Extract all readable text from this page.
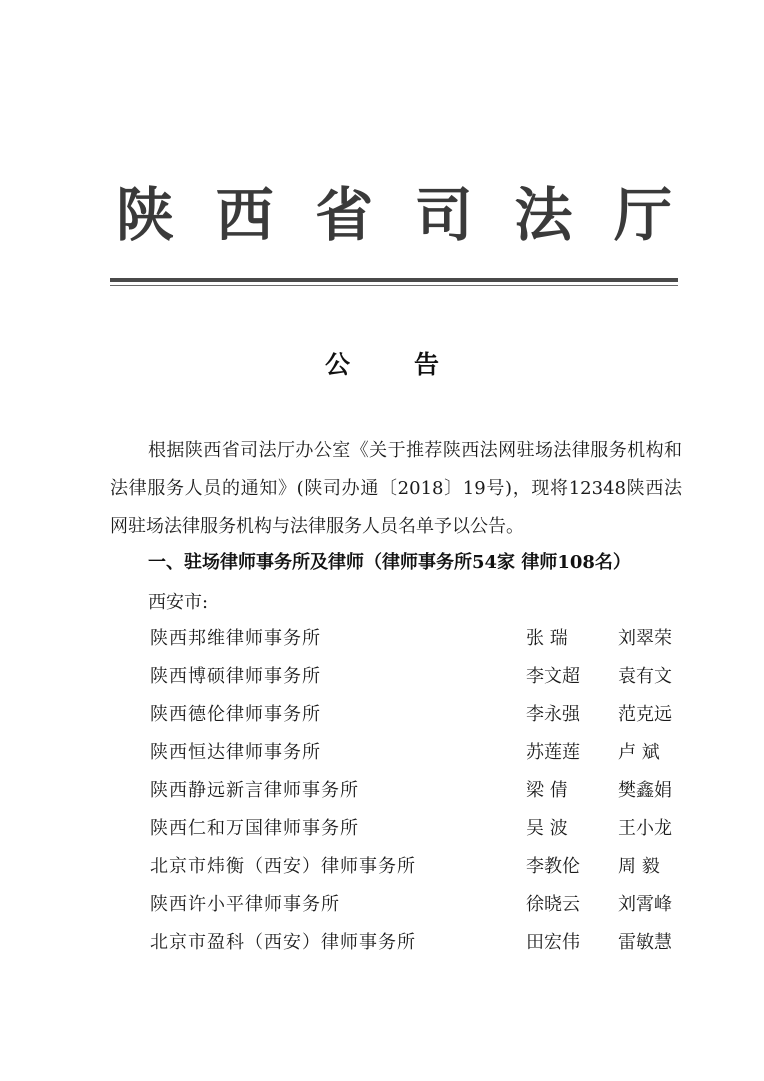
陕 西 省 司 法 厅
公	告
根据陕西省司法厅办公室《关于推荐陕西法网驻场法律服务机构和法律服务人员的通知》(陕司办通〔2018〕19号)，现将12348陕西法网驻场法律服务机构与法律服务人员名单予以公告。
一、驻场律师事务所及律师（律师事务所54家 律师108名）
西安市:
陕西邦维律师事务所	张 瑞	刘翠荣
陕西博硕律师事务所	李文超	袁有文
陕西德伦律师事务所	李永强	范克远
陕西恒达律师事务所	苏莲莲	卢 斌
陕西静远新言律师事务所	梁 倩	樊鑫娟
陕西仁和万国律师事务所	吴 波	王小龙
北京市炜衡（西安）律师事务所	李教伦	周 毅
陕西许小平律师事务所	徐晓云	刘霄峰
北京市盈科（西安）律师事务所	田宏伟	雷敏慧
